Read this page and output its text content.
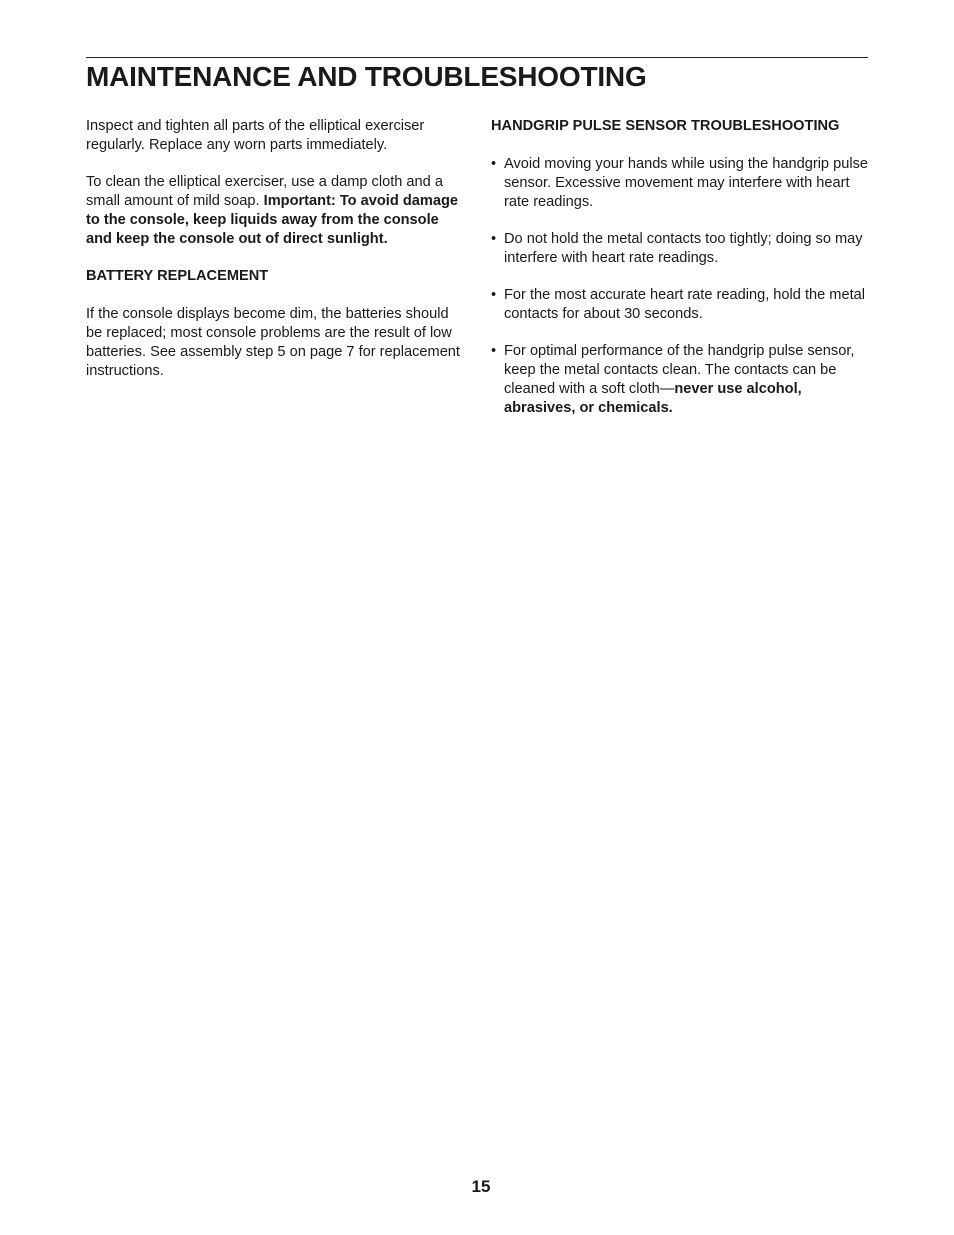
MAINTENANCE AND TROUBLESHOOTING

Inspect and tighten all parts of the elliptical exerciser regularly. Replace any worn parts immediately.

To clean the elliptical exerciser, use a damp cloth and a small amount of mild soap. Important: To avoid damage to the console, keep liquids away from the console and keep the console out of direct sunlight.

BATTERY REPLACEMENT

If the console displays become dim, the batteries should be replaced; most console problems are the result of low batteries. See assembly step 5 on page 7 for replacement instructions.

HANDGRIP PULSE SENSOR TROUBLESHOOTING
• Avoid moving your hands while using the handgrip pulse sensor. Excessive movement may interfere with heart rate readings.
• Do not hold the metal contacts too tightly; doing so may interfere with heart rate readings.
• For the most accurate heart rate reading, hold the metal contacts for about 30 seconds.
• For optimal performance of the handgrip pulse sensor, keep the metal contacts clean. The contacts can be cleaned with a soft cloth—never use alcohol, abrasives, or chemicals.
15
